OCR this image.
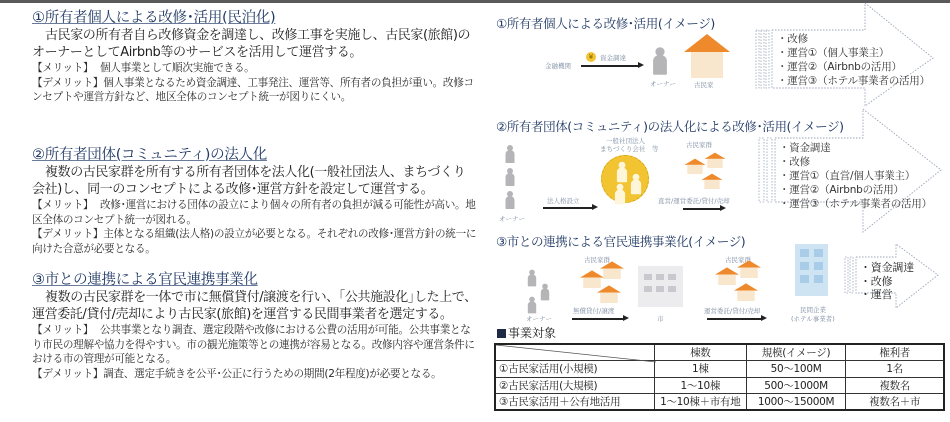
①所有者個人による改修･活用(民泊化)
古民家の所有者自ら改修資金を調達し、改修工事を実施し、古民家(旅館)のオーナーとしてAirbnb等のサービスを活用して運営する。
【メリット】 個人事業として順次実施できる。
【デメリット】個人事業となるため資金調達、工事発注、運営等、所有者の負担が重い。改修コンセプトや運営方針など、地区全体のコンセプト統一が図りにくい。
②所有者団体(コミュニティ)の法人化
複数の古民家群を所有する所有者団体を法人化(一般社団法人、まちづくり会社)し、同一のコンセプトによる改修･運営方針を設定して運営する。
【メリット】 改修･運営における団体の設立により個々の所有者の負担が減る可能性が高い。地区全体のコンセプト統一が図れる。
【デメリット】主体となる組織(法人格)の設立が必要となる。それぞれの改修･運営方針の統一に向けた合意が必要となる。
③市との連携による官民連携事業化
複数の古民家群を一体で市に無償貸付/譲渡を行い、｢公共施設化｣した上で、運営委託/貸付/売却により古民家(旅館)を運営する民間事業者を選定する。
【メリット】 公共事業となり調査、選定段階や改修における公費の活用が可能。公共事業となり市民の理解や協力を得やすい。市の観光施策等との連携が容易となる。改修内容や運営条件における市の管理が可能となる。
【デメリット】調査、選定手続きを公平･公正に行うための期間(2年程度)が必要となる。
①所有者個人による改修･活用(イメージ)
金融機関
¥	資金調達
オーナー	古民家
・改修
・運営①（個人事業主）
・運営②（Airbnbの活用）
・運営③（ホテル事業者の活用）
②所有者団体(コミュニティ)の法人化による改修･活用(イメージ)
オーナー
法人格設立
一般社団法人
まちづくり会社　等	古民家群
直営/運営委託/貸付/売却
・資金調達
・改修
・運営①（直営/個人事業主）
・運営②（Airbnbの活用）
・運営③（ホテル事業者の活用）
③市との連携による官民連携事業化(イメージ)
オーナー
古民家群
無償貸付/譲渡
市
古民家群
運営委託/貸付/売却	民間企業
(ホテル事業者)
・資金調達
・改修
・運営
事業対象
	棟数	規模(イメージ)	権利者
①古民家活用(小規模)	1棟	50～100M	1名
②古民家活用(大規模)	1～10棟	500～1000M	複数名
③古民家活用＋公有地活用	1～10棟＋市有地	1000～15000M	複数名＋市
